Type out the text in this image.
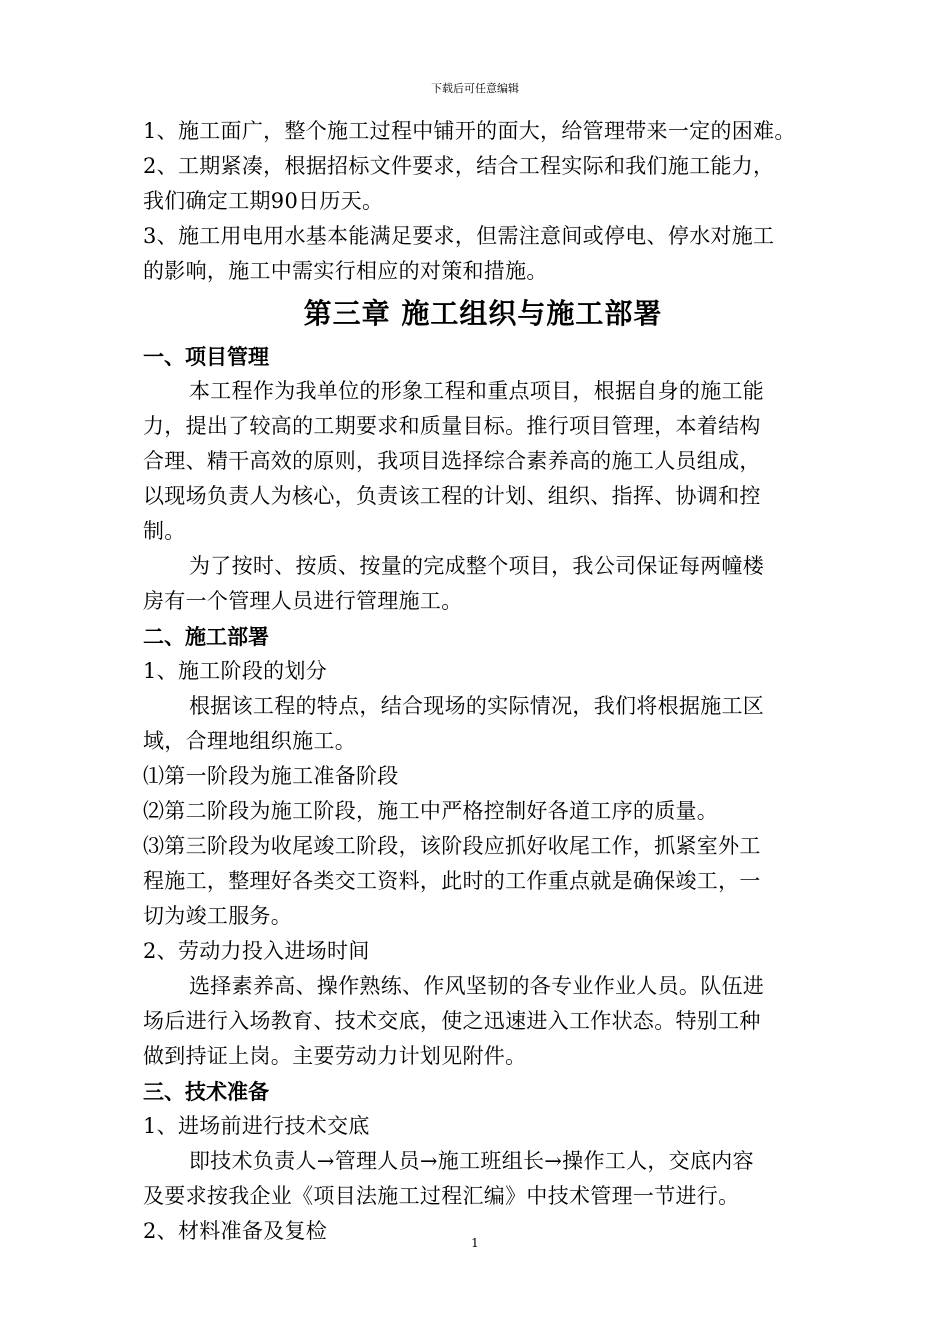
下载后可任意编辑
1、施工面广，整个施工过程中铺开的面大，给管理带来一定的困难。
2、工期紧凑，根据招标文件要求，结合工程实际和我们施工能力，
我们确定工期90日历天。
3、施工用电用水基本能满足要求，但需注意间或停电、停水对施工
的影响，施工中需实行相应的对策和措施。
第三章 施工组织与施工部署
一、项目管理
本工程作为我单位的形象工程和重点项目，根据自身的施工能
力，提出了较高的工期要求和质量目标。推行项目管理，本着结构
合理、精干高效的原则，我项目选择综合素养高的施工人员组成，
以现场负责人为核心，负责该工程的计划、组织、指挥、协调和控
制。
为了按时、按质、按量的完成整个项目，我公司保证每两幢楼
房有一个管理人员进行管理施工。
二、施工部署
1、施工阶段的划分
根据该工程的特点，结合现场的实际情况，我们将根据施工区
域，合理地组织施工。
⑴第一阶段为施工准备阶段
⑵第二阶段为施工阶段，施工中严格控制好各道工序的质量。
⑶第三阶段为收尾竣工阶段，该阶段应抓好收尾工作，抓紧室外工
程施工，整理好各类交工资料，此时的工作重点就是确保竣工，一
切为竣工服务。
2、劳动力投入进场时间
选择素养高、操作熟练、作风坚韧的各专业作业人员。队伍进
场后进行入场教育、技术交底，使之迅速进入工作状态。特别工种
做到持证上岗。主要劳动力计划见附件。
三、技术准备
1、进场前进行技术交底
即技术负责人→管理人员→施工班组长→操作工人，交底内容
及要求按我企业《项目法施工过程汇编》中技术管理一节进行。
2、材料准备及复检	1
